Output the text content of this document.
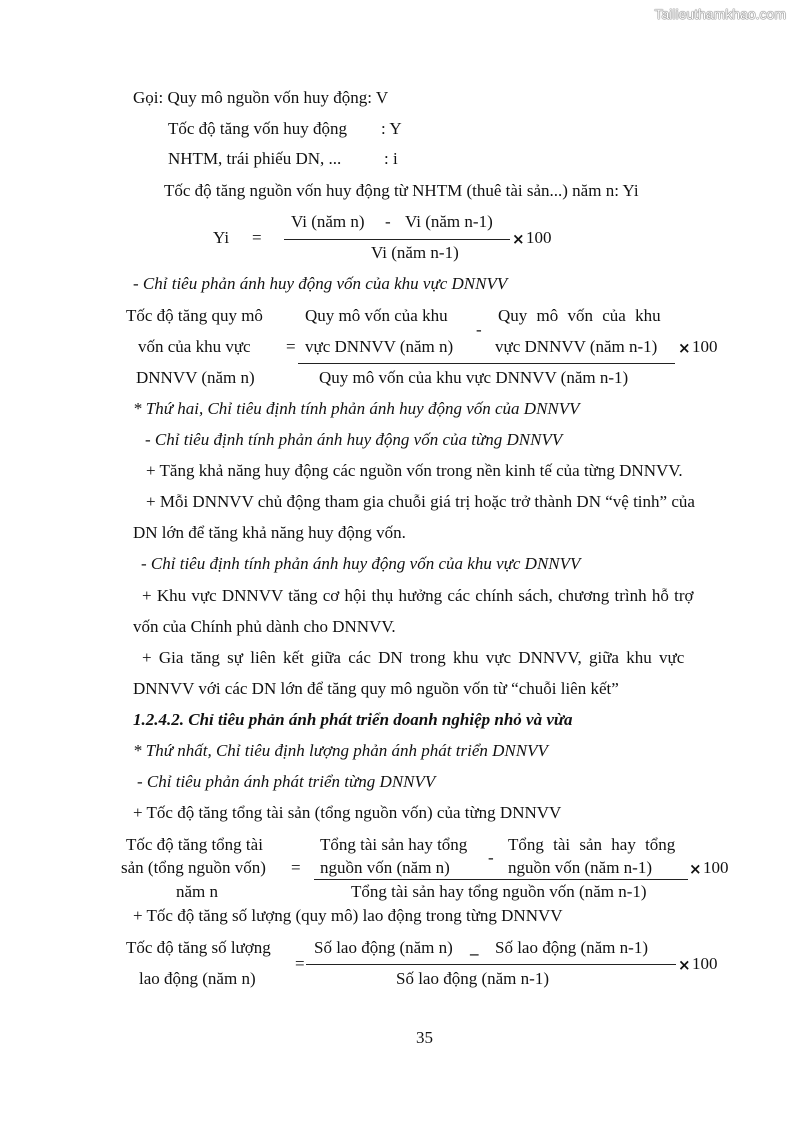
Tailieuthamkhao.com
Gọi: Quy mô nguồn vốn huy động: V
Tốc độ tăng vốn huy động : Y
NHTM, trái phiếu DN, ...	: i
Tốc độ tăng nguồn vốn huy động từ NHTM (thuê tài sản...) năm n: Yi
Yi =
Vi (năm n) - Vi (năm n-1)
Vi (năm n-1)
× 100
- Chỉ tiêu phản ánh huy động vốn của khu vực DNNVV
Tốc độ tăng quy mô
vốn của khu vực
DNNVV (năm n)
=
Quy mô vốn của khu
vực DNNVV (năm n)
-
Quy mô vốn của khu
vực DNNVV (năm n-1)
Quy mô vốn của khu vực DNNVV (năm n-1)
× 100
* Thứ hai, Chỉ tiêu định tính phản ánh huy động vốn của DNNVV
- Chỉ tiêu định tính phản ánh huy động vốn của từng DNNVV
+ Tăng khả năng huy động các nguồn vốn trong nền kinh tế của từng DNNVV.
+ Mỗi DNNVV chủ động tham gia chuỗi giá trị hoặc trở thành DN “vệ tinh” của
DN lớn để tăng khả năng huy động vốn.
- Chỉ tiêu định tính phản ánh huy động vốn của khu vực DNNVV
+ Khu vực DNNVV tăng cơ hội thụ hưởng các chính sách, chương trình hỗ trợ
vốn của Chính phủ dành cho DNNVV.
+ Gia tăng sự liên kết giữa các DN trong khu vực DNNVV, giữa khu vực
DNNVV với các DN lớn để tăng quy mô nguồn vốn từ “chuỗi liên kết”
1.2.4.2. Chỉ tiêu phản ánh phát triển doanh nghiệp nhỏ và vừa
* Thứ nhất, Chỉ tiêu định lượng phản ánh phát triển DNNVV
- Chỉ tiêu phản ánh phát triển từng DNNVV
+ Tốc độ tăng tổng tài sản (tổng nguồn vốn) của từng DNNVV
Tốc độ tăng tổng tài
sản (tổng nguồn vốn)
năm n
=
Tổng tài sản hay tổng
nguồn vốn (năm n)
-
Tổng tài sản hay tổng
nguồn vốn (năm n-1)
Tổng tài sản hay tổng nguồn vốn (năm n-1)
× 100
+ Tốc độ tăng số lượng (quy mô) lao động trong từng DNNVV
Tốc độ tăng số lượng
lao động (năm n)
=
Số lao động (năm n) _ Số lao động (năm n-1)
Số lao động (năm n-1)
× 100
35
